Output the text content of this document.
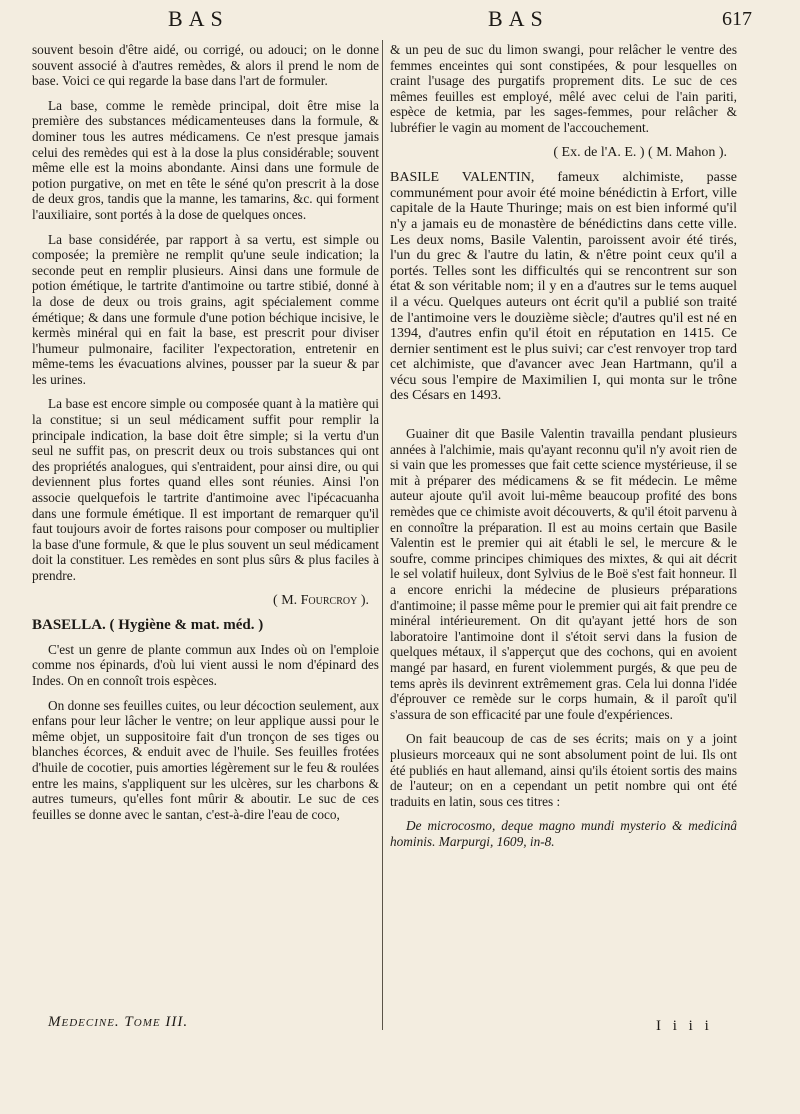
BAS	BAS	617

souvent besoin d'être aidé, ou corrigé, ou adouci; on le donne souvent associé à d'autres remèdes, & alors il prend le nom de base. Voici ce qui regarde la base dans l'art de formuler.

La base, comme le remède principal, doit être mise la première des substances médicamenteuses dans la formule, & dominer tous les autres médicamens. Ce n'est presque jamais celui des remèdes qui est à la dose la plus considérable; souvent même elle est la moins abondante. Ainsi dans une formule de potion purgative, on met en tête le séné qu'on prescrit à la dose de deux gros, tandis que la manne, les tamarins, &c. qui forment l'auxiliaire, sont portés à la dose de quelques onces.

La base considérée, par rapport à sa vertu, est simple ou composée; la première ne remplit qu'une seule indication; la seconde peut en remplir plusieurs. Ainsi dans une formule de potion émétique, le tartrite d'antimoine ou tartre stibié, donné à la dose de deux ou trois grains, agit spécialement comme émétique; & dans une formule d'une potion béchique incisive, le kermès minéral qui en fait la base, est prescrit pour diviser l'humeur pulmonaire, faciliter l'expectoration, entretenir en même-tems les évacuations alvines, pousser par la sueur & par les urines.

La base est encore simple ou composée quant à la matière qui la constitue; si un seul médicament suffit pour remplir la principale indication, la base doit être simple; si la vertu d'un seul ne suffit pas, on prescrit deux ou trois substances qui ont des propriétés analogues, qui s'entraident, pour ainsi dire, ou qui deviennent plus fortes quand elles sont réunies. Ainsi l'on associe quelquefois le tartrite d'antimoine avec l'ipécacuanha dans une formule émétique. Il est important de remarquer qu'il faut toujours avoir de fortes raisons pour composer ou multiplier la base d'une formule, & que le plus souvent un seul médicament doit la constituer. Les remèdes en sont plus sûrs & plus faciles à prendre.

( M. Fourcroy ).

BASELLA. ( Hygiène & mat. méd. )

C'est un genre de plante commun aux Indes où on l'emploie comme nos épinards, d'où lui vient aussi le nom d'épinard des Indes. On en connoît trois espèces.

On donne ses feuilles cuites, ou leur décoction seulement, aux enfans pour leur lâcher le ventre; on leur applique aussi pour le même objet, un suppositoire fait d'un tronçon de ses tiges ou blanches écorces, & enduit avec de l'huile. Ses feuilles frotées d'huile de cocotier, puis amorties légèrement sur le feu & roulées entre les mains, s'appliquent sur les ulcères, sur les charbons & autres tumeurs, qu'elles font mûrir & aboutir. Le suc de ces feuilles se donne avec le santan, c'est-à-dire l'eau de coco,

& un peu de suc du limon swangi, pour relâcher le ventre des femmes enceintes qui sont constipées, & pour lesquelles on craint l'usage des purgatifs proprement dits. Le suc de ces mêmes feuilles est employé, mêlé avec celui de l'ain pariti, espèce de ketmia, par les sages-femmes, pour relâcher & lubréfier le vagin au moment de l'accouchement.

( Ex. de l'A. E. ) ( M. Mahon ).

BASILE VALENTIN, fameux alchimiste, passe communément pour avoir été moine bénédictin à Erfort, ville capitale de la Haute Thuringe; mais on est bien informé qu'il n'y a jamais eu de monastère de bénédictins dans cette ville. Les deux noms, Basile Valentin, paroissent avoir été tirés, l'un du grec & l'autre du latin, & n'être point ceux qu'il a portés. Telles sont les difficultés qui se rencontrent sur son état & son véritable nom; il y en a d'autres sur le tems auquel il a vécu. Quelques auteurs ont écrit qu'il a publié son traité de l'antimoine vers le douzième siècle; d'autres qu'il est né en 1394, d'autres enfin qu'il étoit en réputation en 1415. Ce dernier sentiment est le plus suivi; car c'est renvoyer trop tard cet alchimiste, que d'avancer avec Jean Hartmann, qu'il a vécu sous l'empire de Maximilien I, qui monta sur le trône des Césars en 1493.

Guainer dit que Basile Valentin travailla pendant plusieurs années à l'alchimie, mais qu'ayant reconnu qu'il n'y avoit rien de si vain que les promesses que fait cette science mystérieuse, il se mit à préparer des médicamens & se fit médecin. Le même auteur ajoute qu'il avoit lui-même beaucoup profité des bons remèdes que ce chimiste avoit découverts, & qu'il étoit parvenu à en connoître la préparation. Il est au moins certain que Basile Valentin est le premier qui ait établi le sel, le mercure & le soufre, comme principes chimiques des mixtes, & qui ait décrit le sel volatif huileux, dont Sylvius de le Boë s'est fait honneur. Il a encore enrichi la médecine de plusieurs préparations d'antimoine; il passe même pour le premier qui ait fait prendre ce minéral intérieurement. On dit qu'ayant jetté hors de son laboratoire l'antimoine dont il s'étoit servi dans la fusion de quelques métaux, il s'apperçut que des cochons, qui en avoient mangé par hasard, en furent violemment purgés, & que peu de tems après ils devinrent extrêmement gras. Cela lui donna l'idée d'éprouver ce remède sur le corps humain, & il paroît qu'il s'assura de son efficacité par une foule d'expériences.

On fait beaucoup de cas de ses écrits; mais on y a joint plusieurs morceaux qui ne sont absolument point de lui. Ils ont été publiés en haut allemand, ainsi qu'ils étoient sortis des mains de l'auteur; on en a cependant un petit nombre qui ont été traduits en latin, sous ces titres :

De microcosmo, deque magno mundi mysterio & medicinâ hominis. Marpurgi, 1609, in-8.

Medecine. Tome III.	I i i i
